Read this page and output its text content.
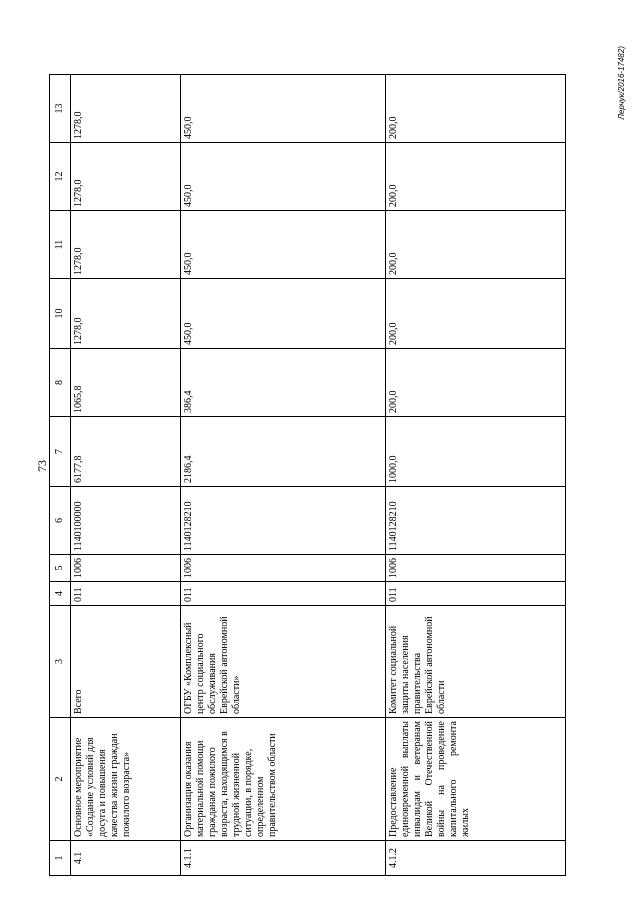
73
1	2	3	4	5	6	7	8	10	11	12	13
4.1	Основное мероприятие «Создание условий для досуга и повышения качества жизни граждан пожилого возраста»	Всего	011	1006	1140100000	6177,8	1065,8	1278,0	1278,0	1278,0	1278,0
4.1.1	Организация оказания материальной помощи гражданам пожилого возраста, находящимся в трудной жизненной ситуации, в порядке, определенном правительством области	ОГБУ «Комплексный центр социального обслуживания Еврейской автономной области»	011	1006	1140128210	2186,4	386,4	450,0	450,0	450,0	450,0
4.1.2	Предоставление единовременной выплаты инвалидам и ветеранам Великой Отечественной войны на проведение капитального ремонта жилых	Комитет социальной защиты населения правительства Еврейской автономной области	011	1006	1140128210	1000,0	200,0	200,0	200,0	200,0	200,0
Лерчук/2016-17482)
